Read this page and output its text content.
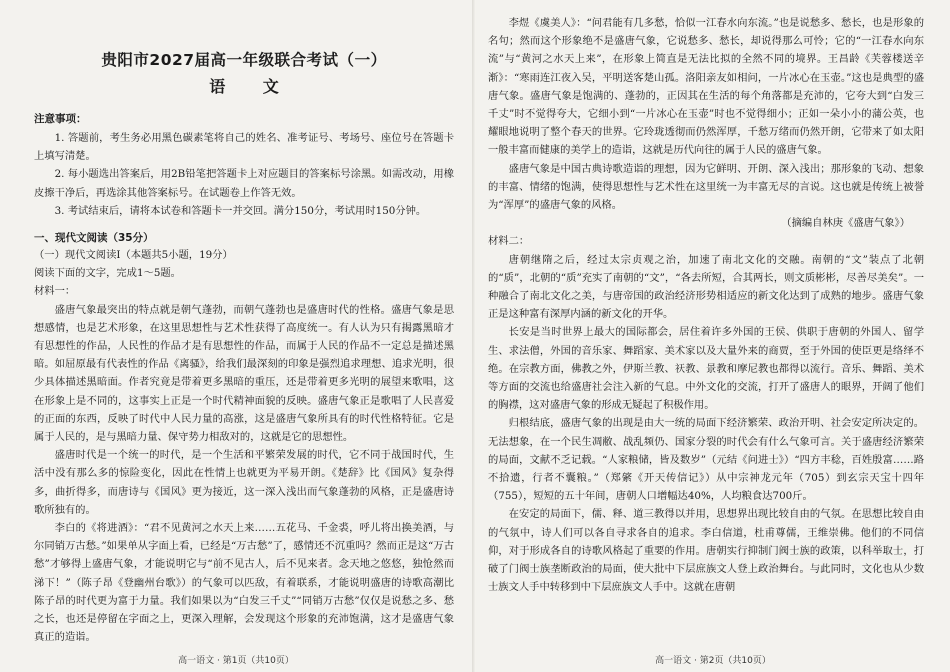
贵阳市2027届高一年级联合考试（一）
语 文
注意事项：

1. 答题前，考生务必用黑色碳素笔将自己的姓名、准考证号、考场号、座位号在答题卡上填写清楚。

2. 每小题选出答案后，用2B铅笔把答题卡上对应题目的答案标号涂黑。如需改动，用橡皮擦干净后，再选涂其他答案标号。在试题卷上作答无效。

3. 考试结束后，请将本试卷和答题卡一并交回。满分150分，考试用时150分钟。

一、现代文阅读（35分）

（一）现代文阅读Ⅰ（本题共5小题，19分）

阅读下面的文字，完成1～5题。

材料一：

盛唐气象最突出的特点就是朝气蓬勃，而朝气蓬勃也是盛唐时代的性格。盛唐气象是思想感情，也是艺术形象，在这里思想性与艺术性获得了高度统一。有人认为只有揭露黑暗才有思想性的作品，人民性的作品才是有思想性的作品，而属于人民的作品不一定总是描述黑暗。如屈原最有代表性的作品《离骚》，给我们最深刻的印象是强烈追求理想、追求光明，很少具体描述黑暗面。作者究竟是带着更多黑暗的重压，还是带着更多光明的展望来歌唱，这在形象上是不同的，这事实上正是一个时代精神面貌的反映。盛唐气象正是歌唱了人民喜爱的正面的东西，反映了时代中人民力量的高涨，这是盛唐气象所具有的时代性格特征。它是属于人民的，是与黑暗力量、保守势力相敌对的，这就是它的思想性。

盛唐时代是一个统一的时代，是一个生活和平繁荣发展的时代，它不同于战国时代，生活中没有那么多的惊险变化，因此在性情上也就更为平易开朗。《楚辞》比《国风》复杂得多，曲折得多，而唐诗与《国风》更为接近，这一深入浅出而气象蓬勃的风格，正是盛唐诗歌所独有的。

李白的《将进酒》：“君不见黄河之水天上来……五花马、千金裘，呼儿将出换美酒，与尔同销万古愁。”如果单从字面上看，已经是“万古愁”了，感情还不沉重吗？然而正是这“万古愁”才够得上盛唐气象，才能说明它与“前不见古人，后不见来者。念天地之悠悠，独怆然而涕下！”（陈子昂《登幽州台歌》）的气象可以匹敌，有着联系，才能说明盛唐的诗歌高潮比陈子昂的时代更为富于力量。我们如果以为“白发三千丈”“同销万古愁”仅仅是说愁之多、愁之长，也还是停留在字面之上，更深入理解，会发现这个形象的充沛饱满，这才是盛唐气象真正的造诣。

高一语文 · 第1页（共10页）

李煜《虞美人》：“问君能有几多愁，恰似一江春水向东流。”也是说愁多、愁长，也是形象的名句；然而这个形象绝不是盛唐气象，它说愁多、愁长，却说得那么可怜；它的“一江春水向东流”与“黄河之水天上来”，在形象上简直是无法比拟的全然不同的境界。王昌龄《芙蓉楼送辛渐》：“寒雨连江夜入吴，平明送客楚山孤。洛阳亲友如相问，一片冰心在玉壶。”这也是典型的盛唐气象。盛唐气象是饱满的、蓬勃的，正因其在生活的每个角落都是充沛的，它夸大到“白发三千丈”时不觉得夸大，它细小到“一片冰心在玉壶”时也不觉得细小；正如一朵小小的蒲公英，也耀眼地说明了整个春天的世界。它玲珑透彻而仍然浑厚，千愁万绪而仍然开朗，它带来了如太阳一般丰富而健康的美学上的造诣，这就是历代向往的属于人民的盛唐气象。

盛唐气象是中国古典诗歌造诣的理想，因为它鲜明、开朗、深入浅出；那形象的飞动、想象的丰富、情绪的饱满，使得思想性与艺术性在这里统一为丰富无尽的言说。这也就是传统上被誉为“浑厚”的盛唐气象的风格。

（摘编自林庚《盛唐气象》）

材料二：

唐朝继隋之后，经过太宗贞观之治，加速了南北文化的交融。南朝的“文”装点了北朝的“质”，北朝的“质”充实了南朝的“文”，“各去所短，合其两长，则文质彬彬，尽善尽美矣”。一种融合了南北文化之美，与唐帝国的政治经济形势相适应的新文化达到了成熟的地步。盛唐气象正是这种富有深厚内涵的新文化的开华。

长安是当时世界上最大的国际都会，居住着许多外国的王侯、供职于唐朝的外国人、留学生、求法僧，外国的音乐家、舞蹈家、美术家以及大量外来的商贾，至于外国的使臣更是络绎不绝。在宗教方面，佛教之外，伊斯兰教、祆教、景教和摩尼教也都得以流行。音乐、舞蹈、美术等方面的交流也给盛唐社会注入新的气息。中外文化的交流，打开了盛唐人的眼界，开阔了他们的胸襟，这对盛唐气象的形成无疑起了积极作用。

归根结底，盛唐气象的出现是由大一统的局面下经济繁荣、政治开明、社会安定所决定的。无法想象，在一个民生凋敝、战乱频仍、国家分裂的时代会有什么气象可言。关于盛唐经济繁荣的局面，文献不乏记载。“人家粮储，皆及数岁”（元结《问进士》）“四方丰稔，百姓殷富……路不拾遗，行者不囊粮。”（郑綮《开天传信记》）从中宗神龙元年（705）到玄宗天宝十四年（755），短短的五十年间，唐朝人口增幅达40%，人均粮食达700斤。

在安定的局面下，儒、释、道三教得以并用，思想界出现比较自由的气氛。在思想比较自由的气氛中，诗人们可以各自寻求各自的追求。李白信道，杜甫尊儒，王维崇佛。他们的不同信仰，对于形成各自的诗歌风格起了重要的作用。唐朝实行抑制门阀士族的政策，以科举取士，打破了门阀士族垄断政治的局面，使大批中下层庶族文人登上政治舞台。与此同时，文化也从少数士族文人手中转移到中下层庶族文人手中。这就在唐朝

高一语文 · 第2页（共10页）
